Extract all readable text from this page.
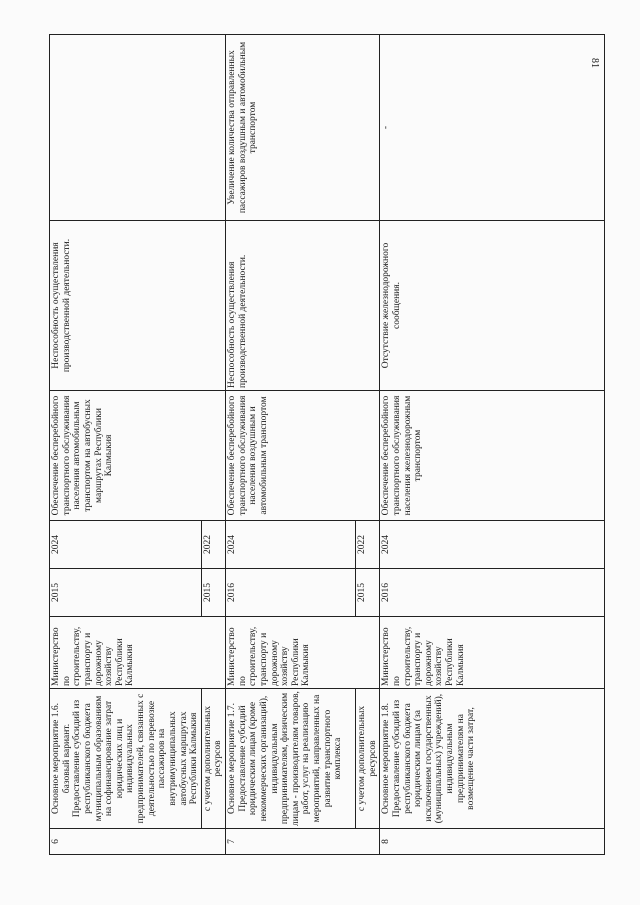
6	Основное мероприятие 1.6. базовый вариант. Предоставление субсидий из республиканского бюджета муниципальным образованиям на софинансирование затрат юридических лиц и индивидуальных предпринимателей, связанных с деятельностью по перевозке пассажиров на внутримуниципальных автобусных маршрутах Республики Калмыкия	Министерство по строительству, транспорту и дорожному хозяйству Республики Калмыкия	2015	2024	Обеспечение бесперебойного транспортного обслуживания населения автомобильным транспортом на автобусных маршрутах Республики Калмыкия	Неспособность осуществления производственной деятельности.	
	с учетом дополнительных ресурсов		2015	2022			
7	Основное мероприятие 1.7. Предоставление субсидий юридическим лицам (кроме некоммерческих организаций), индивидуальным предпринимателям, физическим лицам - производителям товаров, работ, услуг на реализацию мероприятий, направленных на развитие транспортного комплекса	Министерство по строительству, транспорту и дорожному хозяйству Республики Калмыкия	2016	2024	Обеспечение бесперебойного транспортного обслуживания населения воздушным и автомобильным транспортом	Неспособность осуществления производственной деятельности.	Увеличение количества отправленных пассажиров воздушным и автомобильным транспортом
	с учетом дополнительных ресурсов		2015	2022			
8	Основное мероприятие 1.8. Предоставление субсидий из республиканского бюджета юридическим лицам (за исключением государственных (муниципальных) учреждений), индивидуальным предпринимателям на возмещение части затрат,	Министерство по строительству, транспорту и дорожному хозяйству Республики Калмыкия	2016	2024	Обеспечение бесперебойного транспортного обслуживания населения железнодорожным транспортом	Отсутствие железнодорожного сообщения.	-
81
